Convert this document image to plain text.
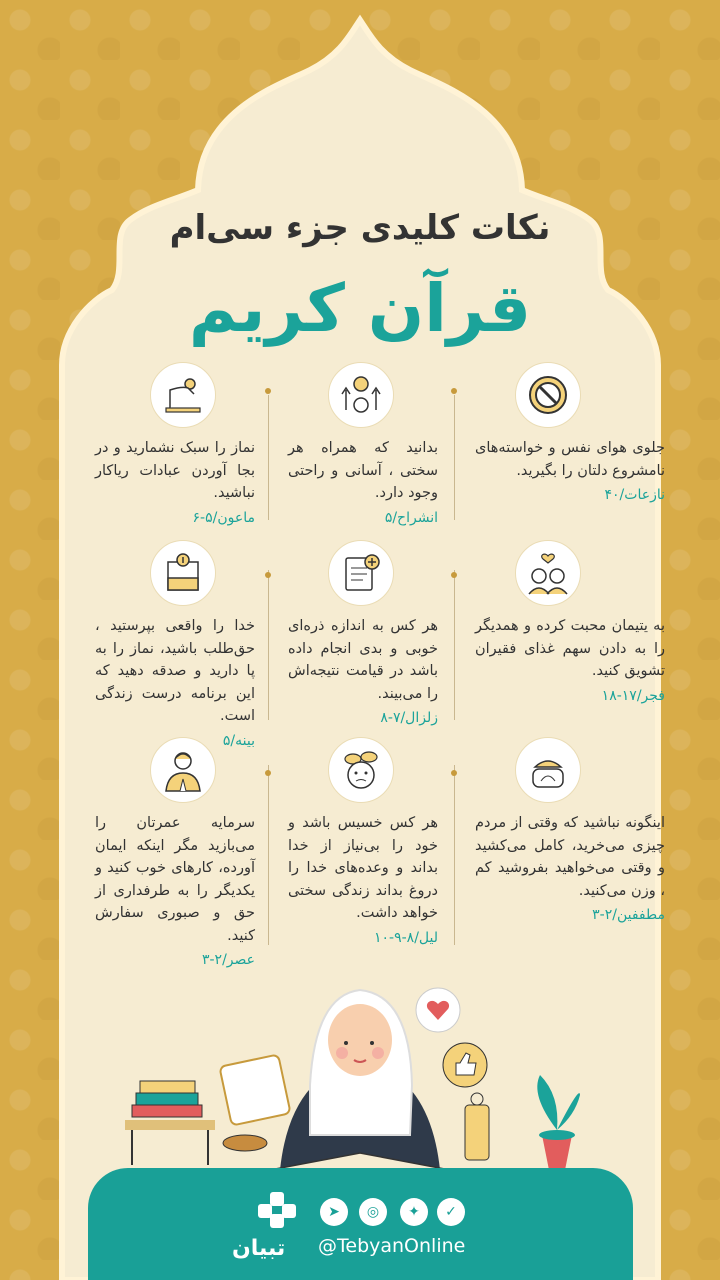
نکات کلیدی جزء سی‌ام
قرآن کریم
جلوی هوای نفس و خواسته‌های نامشروع دلتان را بگیرید.
نازعات/۴۰
بدانید که همراه هر سختی ، آسانی و راحتی وجود دارد.
انشراح/۵
نماز را سبک نشمارید و در بجا آوردن عبادات ریاکار نباشید.
ماعون/۵-۶
به یتیمان محبت کرده و همدیگر را به دادن سهم غذای فقیران تشویق کنید.
فجر/۱۷-۱۸
هر کس به اندازه ذره‌ای خوبی و بدی انجام داده باشد در قیامت نتیجه‌اش را می‌بیند.
زلزال/۷-۸
خدا را واقعی بپرستید ، حق‌طلب باشید، نماز را به پا دارید و صدقه دهید که این برنامه درست زندگی است.
بینه/۵
اینگونه نباشید که وقتی از مردم چیزی می‌خرید، کامل می‌کشید و وقتی می‌خواهید بفروشید کم ، وزن می‌کنید.
مطففین/۲-۳
هر کس خسیس باشد و خود را بی‌نیاز از خدا بداند و وعده‌های خدا را دروغ بداند زندگی سختی خواهد داشت.
لیل/۸-۹-۱۰
سرمایه عمرتان را می‌بازید مگر اینکه ایمان آورده، کارهای خوب کنید و یکدیگر را به طرفداری از حق و صبوری سفارش کنید.
عصر/۲-۳
✓
✦
◎
➤
@TebyanOnline
تبیان
